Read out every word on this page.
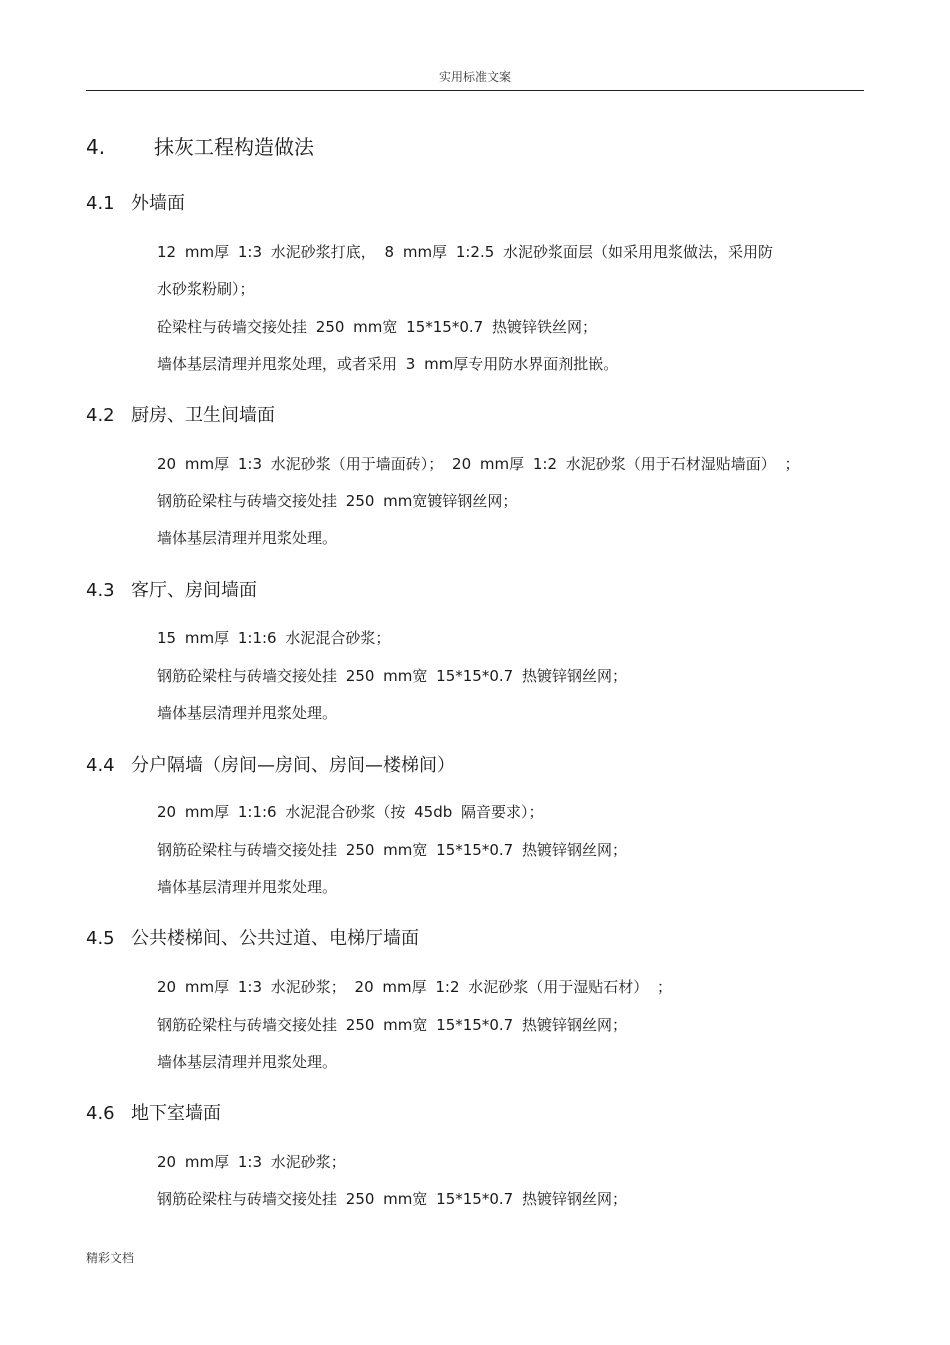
实用标准文案
4. 抹灰工程构造做法
4.1 外墙面
12 mm厚 1:3 水泥砂浆打底， 8 mm厚 1:2.5 水泥砂浆面层（如采用甩浆做法，采用防
水砂浆粉刷）；
砼梁柱与砖墙交接处挂 250 mm宽 15*15*0.7 热镀锌铁丝网；
墙体基层清理并甩浆处理，或者采用 3 mm厚专用防水界面剂批嵌。
4.2 厨房、卫生间墙面
20 mm厚 1:3 水泥砂浆（用于墙面砖）； 20 mm厚 1:2 水泥砂浆（用于石材湿贴墙面） ；
钢筋砼梁柱与砖墙交接处挂 250 mm宽镀锌钢丝网；
墙体基层清理并甩浆处理。
4.3 客厅、房间墙面
15 mm厚 1:1:6 水泥混合砂浆；
钢筋砼梁柱与砖墙交接处挂 250 mm宽 15*15*0.7 热镀锌钢丝网；
墙体基层清理并甩浆处理。
4.4 分户隔墙（房间—房间、房间—楼梯间）
20 mm厚 1:1:6 水泥混合砂浆（按 45db 隔音要求）；
钢筋砼梁柱与砖墙交接处挂 250 mm宽 15*15*0.7 热镀锌钢丝网；
墙体基层清理并甩浆处理。
4.5 公共楼梯间、公共过道、电梯厅墙面
20 mm厚 1:3 水泥砂浆； 20 mm厚 1:2 水泥砂浆（用于湿贴石材） ；
钢筋砼梁柱与砖墙交接处挂 250 mm宽 15*15*0.7 热镀锌钢丝网；
墙体基层清理并甩浆处理。
4.6 地下室墙面
20 mm厚 1:3 水泥砂浆；
钢筋砼梁柱与砖墙交接处挂 250 mm宽 15*15*0.7 热镀锌钢丝网；
精彩文档
